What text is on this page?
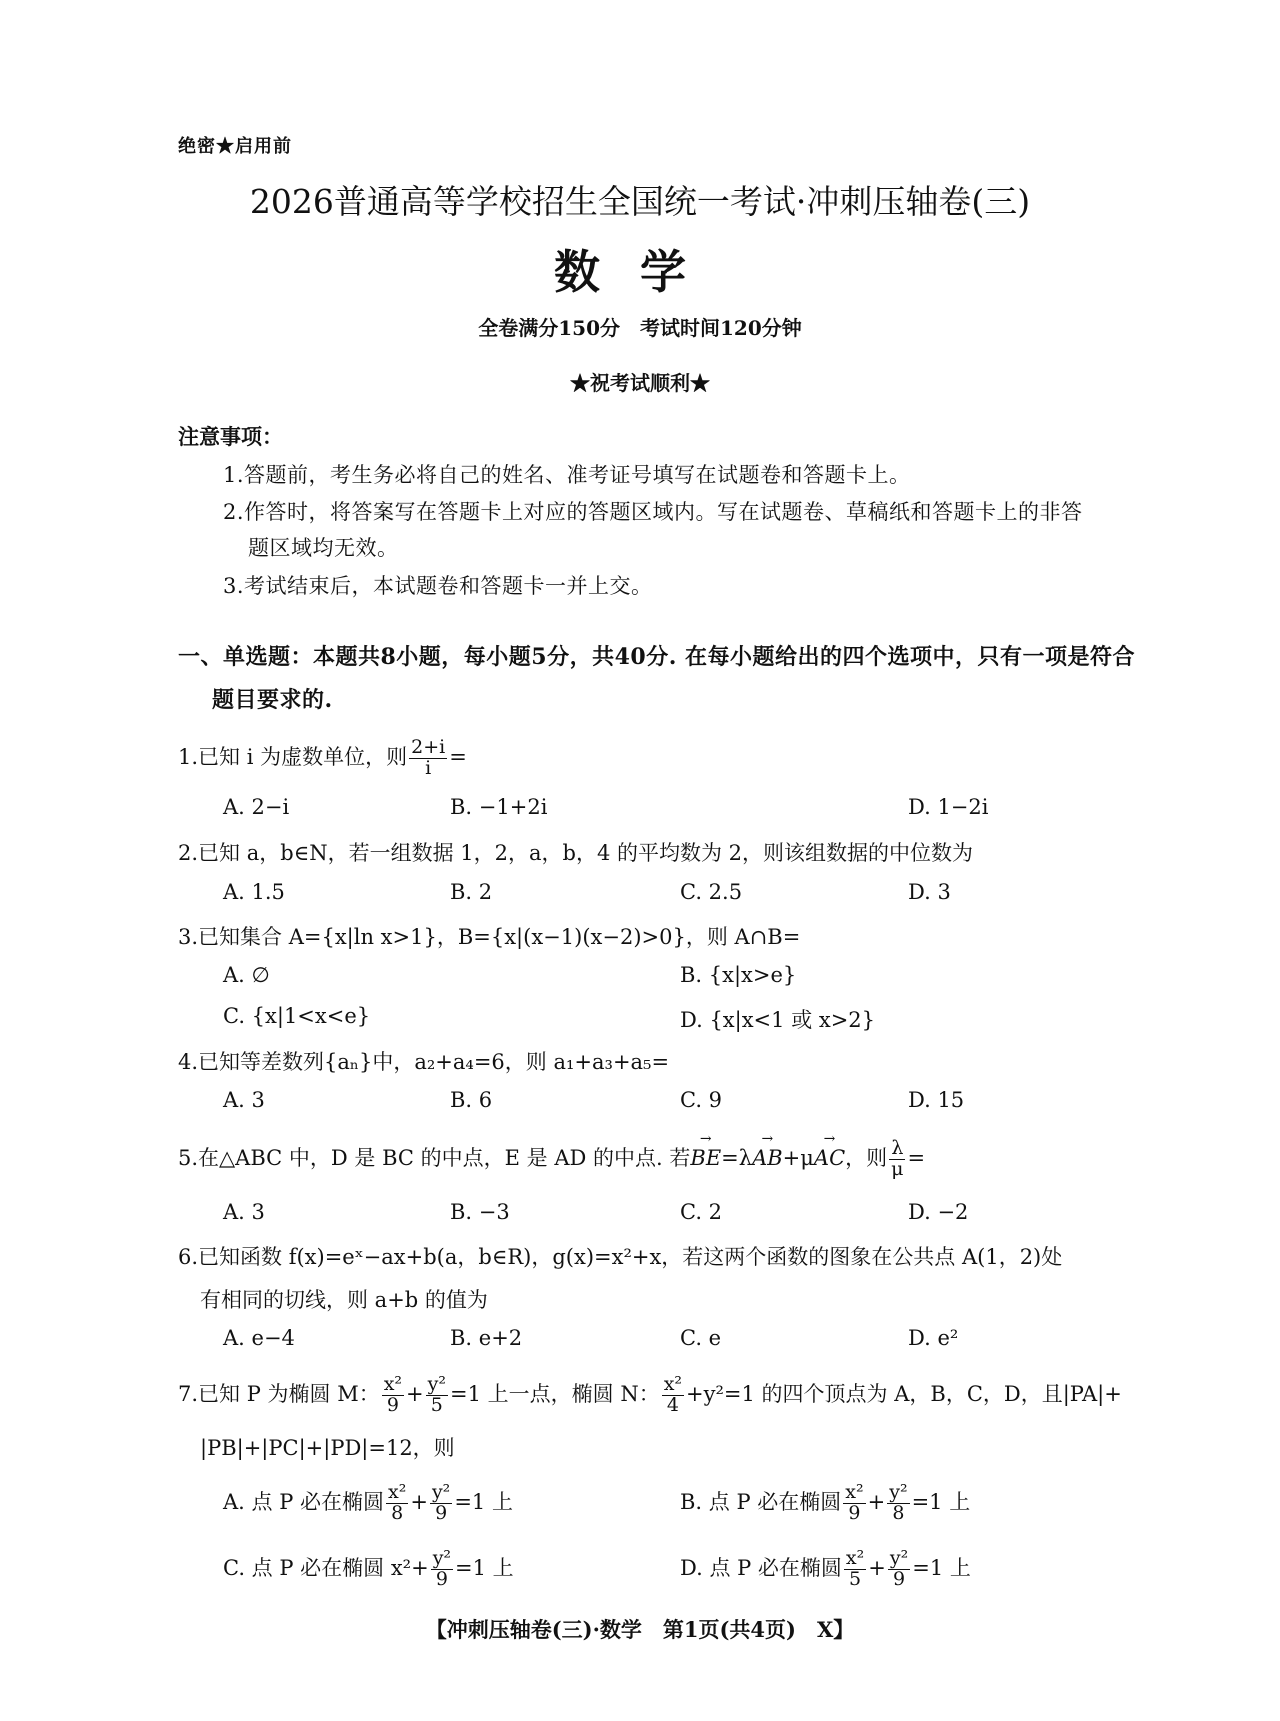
绝密★启用前
2026普通高等学校招生全国统一考试·冲刺压轴卷(三)
数学
全卷满分150分　考试时间120分钟
★祝考试顺利★
注意事项：
1.答题前，考生务必将自己的姓名、准考证号填写在试题卷和答题卡上。
2.作答时，将答案写在答题卡上对应的答题区域内。写在试题卷、草稿纸和答题卡上的非答
题区域均无效。
3.考试结束后，本试题卷和答题卡一并上交。
一、单选题：本题共8小题，每小题5分，共40分. 在每小题给出的四个选项中，只有一项是符合
题目要求的.
1.已知 i 为虚数单位，则 $\frac{2+i}{i}$ =
A. 2−i	B. −1+2i	D. 1−2i
2.已知 a，b∈N，若一组数据 1，2，a，b，4 的平均数为 2，则该组数据的中位数为
A. 1.5	B. 2	C. 2.5	D. 3
3.已知集合 A={x|ln x>1}，B={x|(x−1)(x−2)>0}，则 A∩B=
A. ∅	B. {x|x>e}
C. {x|1<x<e}	D. {x|x<1 或 x>2}
4.已知等差数列{aₙ}中，a₂+a₄=6，则 a₁+a₃+a₅=
A. 3	B. 6	C. 9	D. 15
5.在△ABC 中，D 是 BC 的中点，E 是 AD 的中点. 若→ BE=λ→ AB+μ→ AC，则 $\frac{\lambda}{\mu}$ =
A. 3	B. −3	C. 2	D. −2
6.已知函数 f(x)=eˣ−ax+b(a，b∈R)，g(x)=x²+x，若这两个函数的图象在公共点 A(1，2)处
有相同的切线，则 a+b 的值为
A. e−4	B. e+2	C. e	D. e²
7.已知 P 为椭圆 M： $\frac{\text{x²}}{9} + \frac{\text{y²}}{5} =1$ 上一点，椭圆 N： $\frac{\text{x²}}{4} +y^2=1$ 的四个顶点为 A，B，C，D，且|PA|+
|PB|+|PC|+|PD|=12，则
A. 点 P 必在椭圆 $\frac{\text{x²}}{8} + \frac{\text{y²}}{9} =1$ 上	B. 点 P 必在椭圆 $\frac{\text{x²}}{9} + \frac{\text{y²}}{8} =1$ 上
C. 点 P 必在椭圆 $x^2+ \frac{\text{y²}}{9} =1$ 上	D. 点 P 必在椭圆 $\frac{\text{x²}}{5} + \frac{\text{y²}}{9} =1$ 上
【冲刺压轴卷(三)·数学　第1页(共4页)　X】
